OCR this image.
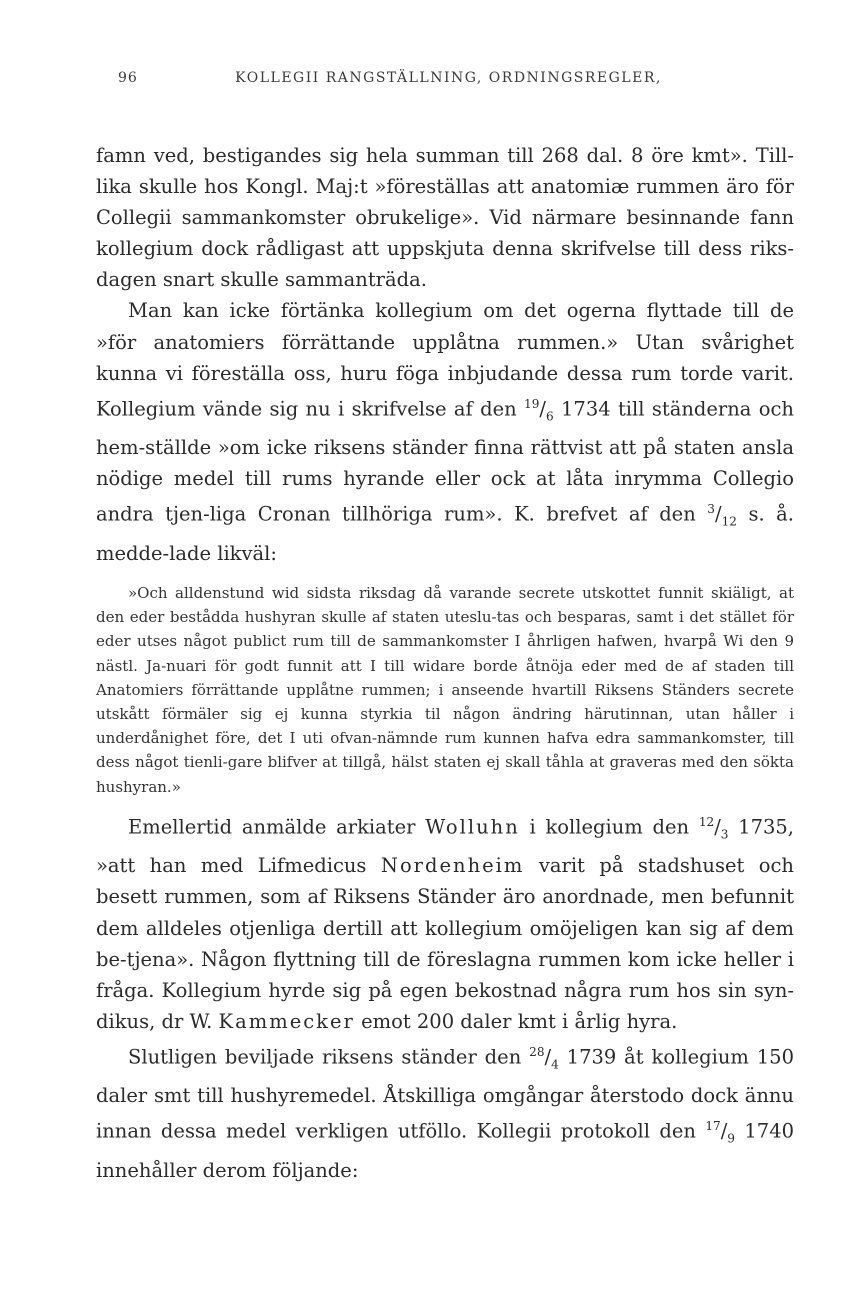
96	KOLLEGII RANGSTÄLLNING, ORDNINGSREGLER,

famn ved, bestigandes sig hela summan till 268 dal. 8 öre kmt». Till-lika skulle hos Kongl. Maj:t »föreställas att anatomiæ rummen äro för Collegii sammankomster obrukelige». Vid närmare besinnande fann kollegium dock rådligast att uppskjuta denna skrifvelse till dess riks-dagen snart skulle sammanträda.

Man kan icke förtänka kollegium om det ogerna flyttade till de »för anatomiers förrättande upplåtna rummen.» Utan svårighet kunna vi föreställa oss, huru föga inbjudande dessa rum torde varit. Kollegium vände sig nu i skrifvelse af den $^{19}/_6$ 1734 till ständerna och hem-ställde »om icke riksens ständer finna rättvist att på staten ansla nödige medel till rums hyrande eller ock at låta inrymma Collegio andra tjen-liga Cronan tillhöriga rum». K. brefvet af den $^3/_{12}$ s. å. medde-lade likväl:

»Och alldenstund wid sidsta riksdag då varande secrete utskottet funnit skiäligt, at den eder bestådda hushyran skulle af staten uteslu-tas och besparas, samt i det stället för eder utses något publict rum till de sammankomster I åhrligen hafwen, hvarpå Wi den 9 nästl. Ja-nuari för godt funnit att I till widare borde åtnöja eder med de af staden till Anatomiers förrättande upplåtne rummen; i anseende hvartill Riksens Ständers secrete utskått förmäler sig ej kunna styrkia til någon ändring härutinnan, utan håller i underdånighet före, det I uti ofvan-nämnde rum kunnen hafva edra sammankomster, till dess något tienli-gare blifver at tillgå, hälst staten ej skall tåhla at graveras med den sökta hushyran.»

Emellertid anmälde arkiater Wolluhn i kollegium den $^{12}/_3$ 1735, »att han med Lifmedicus Nordenheim varit på stadshuset och besett rummen, som af Riksens Ständer äro anordnade, men befunnit dem alldeles otjenliga dertill att kollegium omöjeligen kan sig af dem be-tjena». Någon flyttning till de föreslagna rummen kom icke heller i fråga. Kollegium hyrde sig på egen bekostnad några rum hos sin syn-dikus, dr W. Kammecker emot 200 daler kmt i årlig hyra.

Slutligen beviljade riksens ständer den $^{28}/_4$ 1739 åt kollegium 150 daler smt till hushyremedel. Åtskilliga omgångar återstodo dock ännu innan dessa medel verkligen utföllo. Kollegii protokoll den $^{17}/_9$ 1740 innehåller derom följande:
